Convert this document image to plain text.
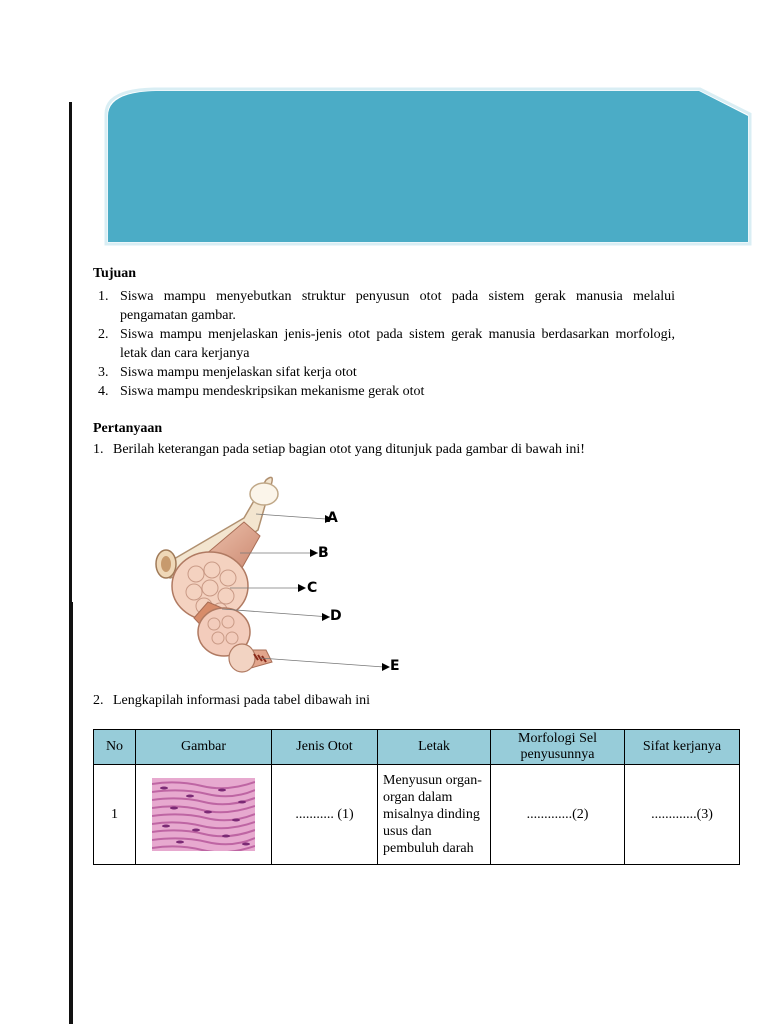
Tujuan
1. Siswa mampu menyebutkan struktur penyusun otot pada sistem gerak manusia melalui pengamatan gambar.
2. Siswa mampu menjelaskan jenis-jenis otot pada sistem gerak manusia berdasarkan morfologi, letak dan cara kerjanya
3. Siswa mampu menjelaskan sifat kerja otot
4. Siswa mampu mendeskripsikan mekanisme gerak otot
Pertanyaan
1. Berilah keterangan pada setiap bagian otot yang ditunjuk pada gambar di bawah ini!
A
B
C
D
E
2. Lengkapilah informasi pada tabel dibawah ini
No	Gambar	Jenis Otot	Letak	Morfologi Sel penyusunnya	Sifat kerjanya
1		........... (1)	Menyusun organ-organ dalam misalnya dinding usus dan pembuluh darah	.............(2)	.............(3)
